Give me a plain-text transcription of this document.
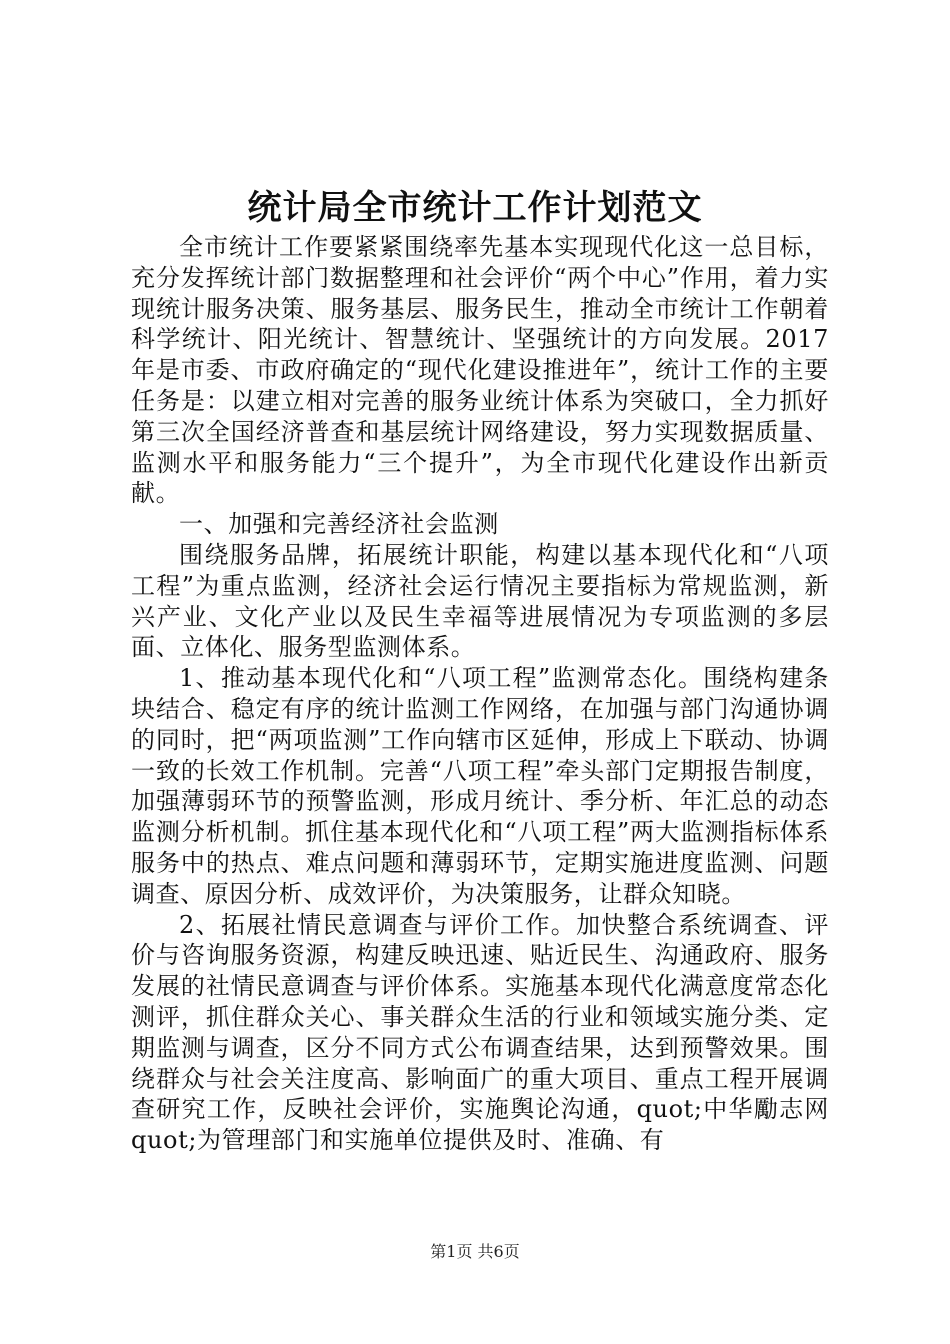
统计局全市统计工作计划范文

全市统计工作要紧紧围绕率先基本实现现代化这一总目标，充分发挥统计部门数据整理和社会评价“两个中心”作用，着力实现统计服务决策、服务基层、服务民生，推动全市统计工作朝着科学统计、阳光统计、智慧统计、坚强统计的方向发展。2017年是市委、市政府确定的“现代化建设推进年”，统计工作的主要任务是：以建立相对完善的服务业统计体系为突破口，全力抓好第三次全国经济普查和基层统计网络建设，努力实现数据质量、监测水平和服务能力“三个提升”，为全市现代化建设作出新贡献。

一、加强和完善经济社会监测

围绕服务品牌，拓展统计职能，构建以基本现代化和“八项工程”为重点监测，经济社会运行情况主要指标为常规监测，新兴产业、文化产业以及民生幸福等进展情况为专项监测的多层面、立体化、服务型监测体系。

1、推动基本现代化和“八项工程”监测常态化。围绕构建条块结合、稳定有序的统计监测工作网络，在加强与部门沟通协调的同时，把“两项监测”工作向辖市区延伸，形成上下联动、协调一致的长效工作机制。完善“八项工程”牵头部门定期报告制度，加强薄弱环节的预警监测，形成月统计、季分析、年汇总的动态监测分析机制。抓住基本现代化和“八项工程”两大监测指标体系服务中的热点、难点问题和薄弱环节，定期实施进度监测、问题调查、原因分析、成效评价，为决策服务，让群众知晓。

2、拓展社情民意调查与评价工作。加快整合系统调查、评价与咨询服务资源，构建反映迅速、贴近民生、沟通政府、服务发展的社情民意调查与评价体系。实施基本现代化满意度常态化测评，抓住群众关心、事关群众生活的行业和领域实施分类、定期监测与调查，区分不同方式公布调查结果，达到预警效果。围绕群众与社会关注度高、影响面广的重大项目、重点工程开展调查研究工作，反映社会评价，实施舆论沟通，quot;中华勵志网quot;为管理部门和实施单位提供及时、准确、有

第1页 共6页
